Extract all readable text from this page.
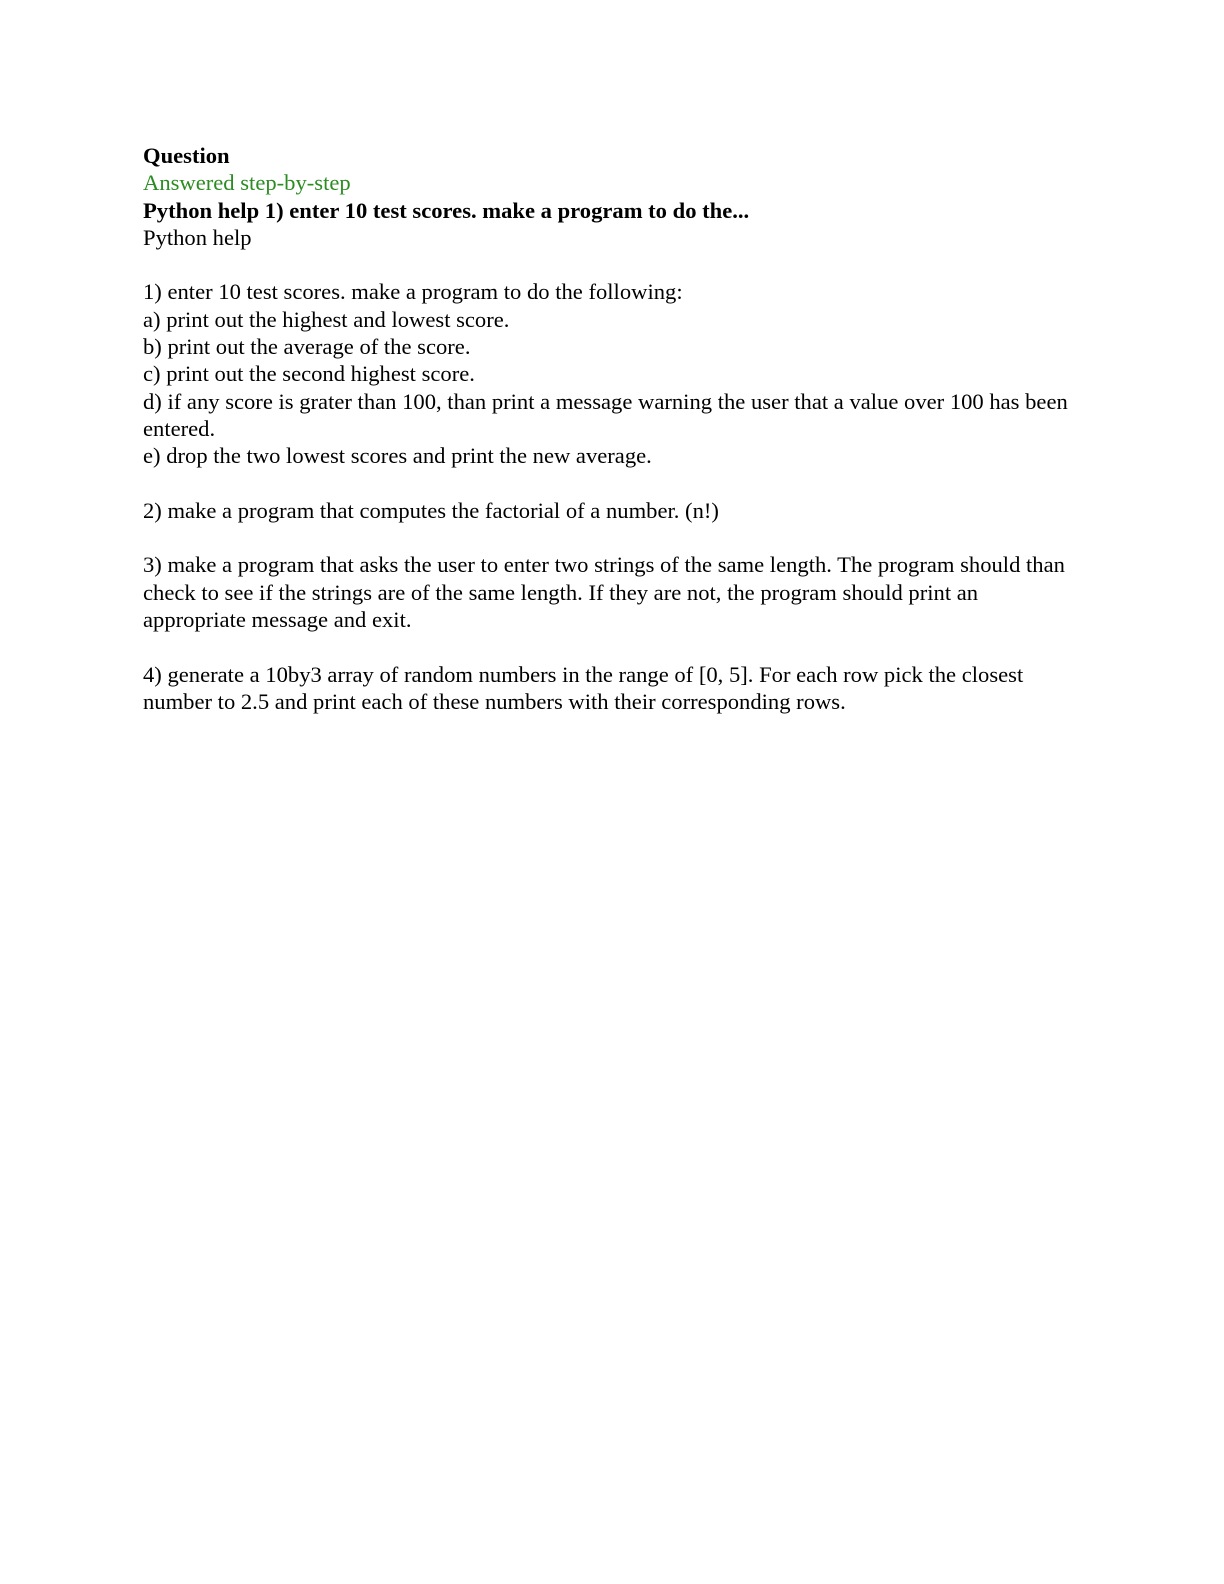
Question

Answered step-by-step

Python help 1) enter 10 test scores. make a program to do the...

Python help

1) enter 10 test scores. make a program to do the following:

a) print out the highest and lowest score.

b) print out the average of the score.

c) print out the second highest score.

d) if any score is grater than 100, than print a message warning the user that a value over 100 has been entered.

e) drop the two lowest scores and print the new average.

2) make a program that computes the factorial of a number. (n!)

3) make a program that asks the user to enter two strings of the same length. The program should than check to see if the strings are of the same length. If they are not, the program should print an appropriate message and exit.

4) generate a 10by3 array of random numbers in the range of [0, 5]. For each row pick the closest number to 2.5 and print each of these numbers with their corresponding rows.
